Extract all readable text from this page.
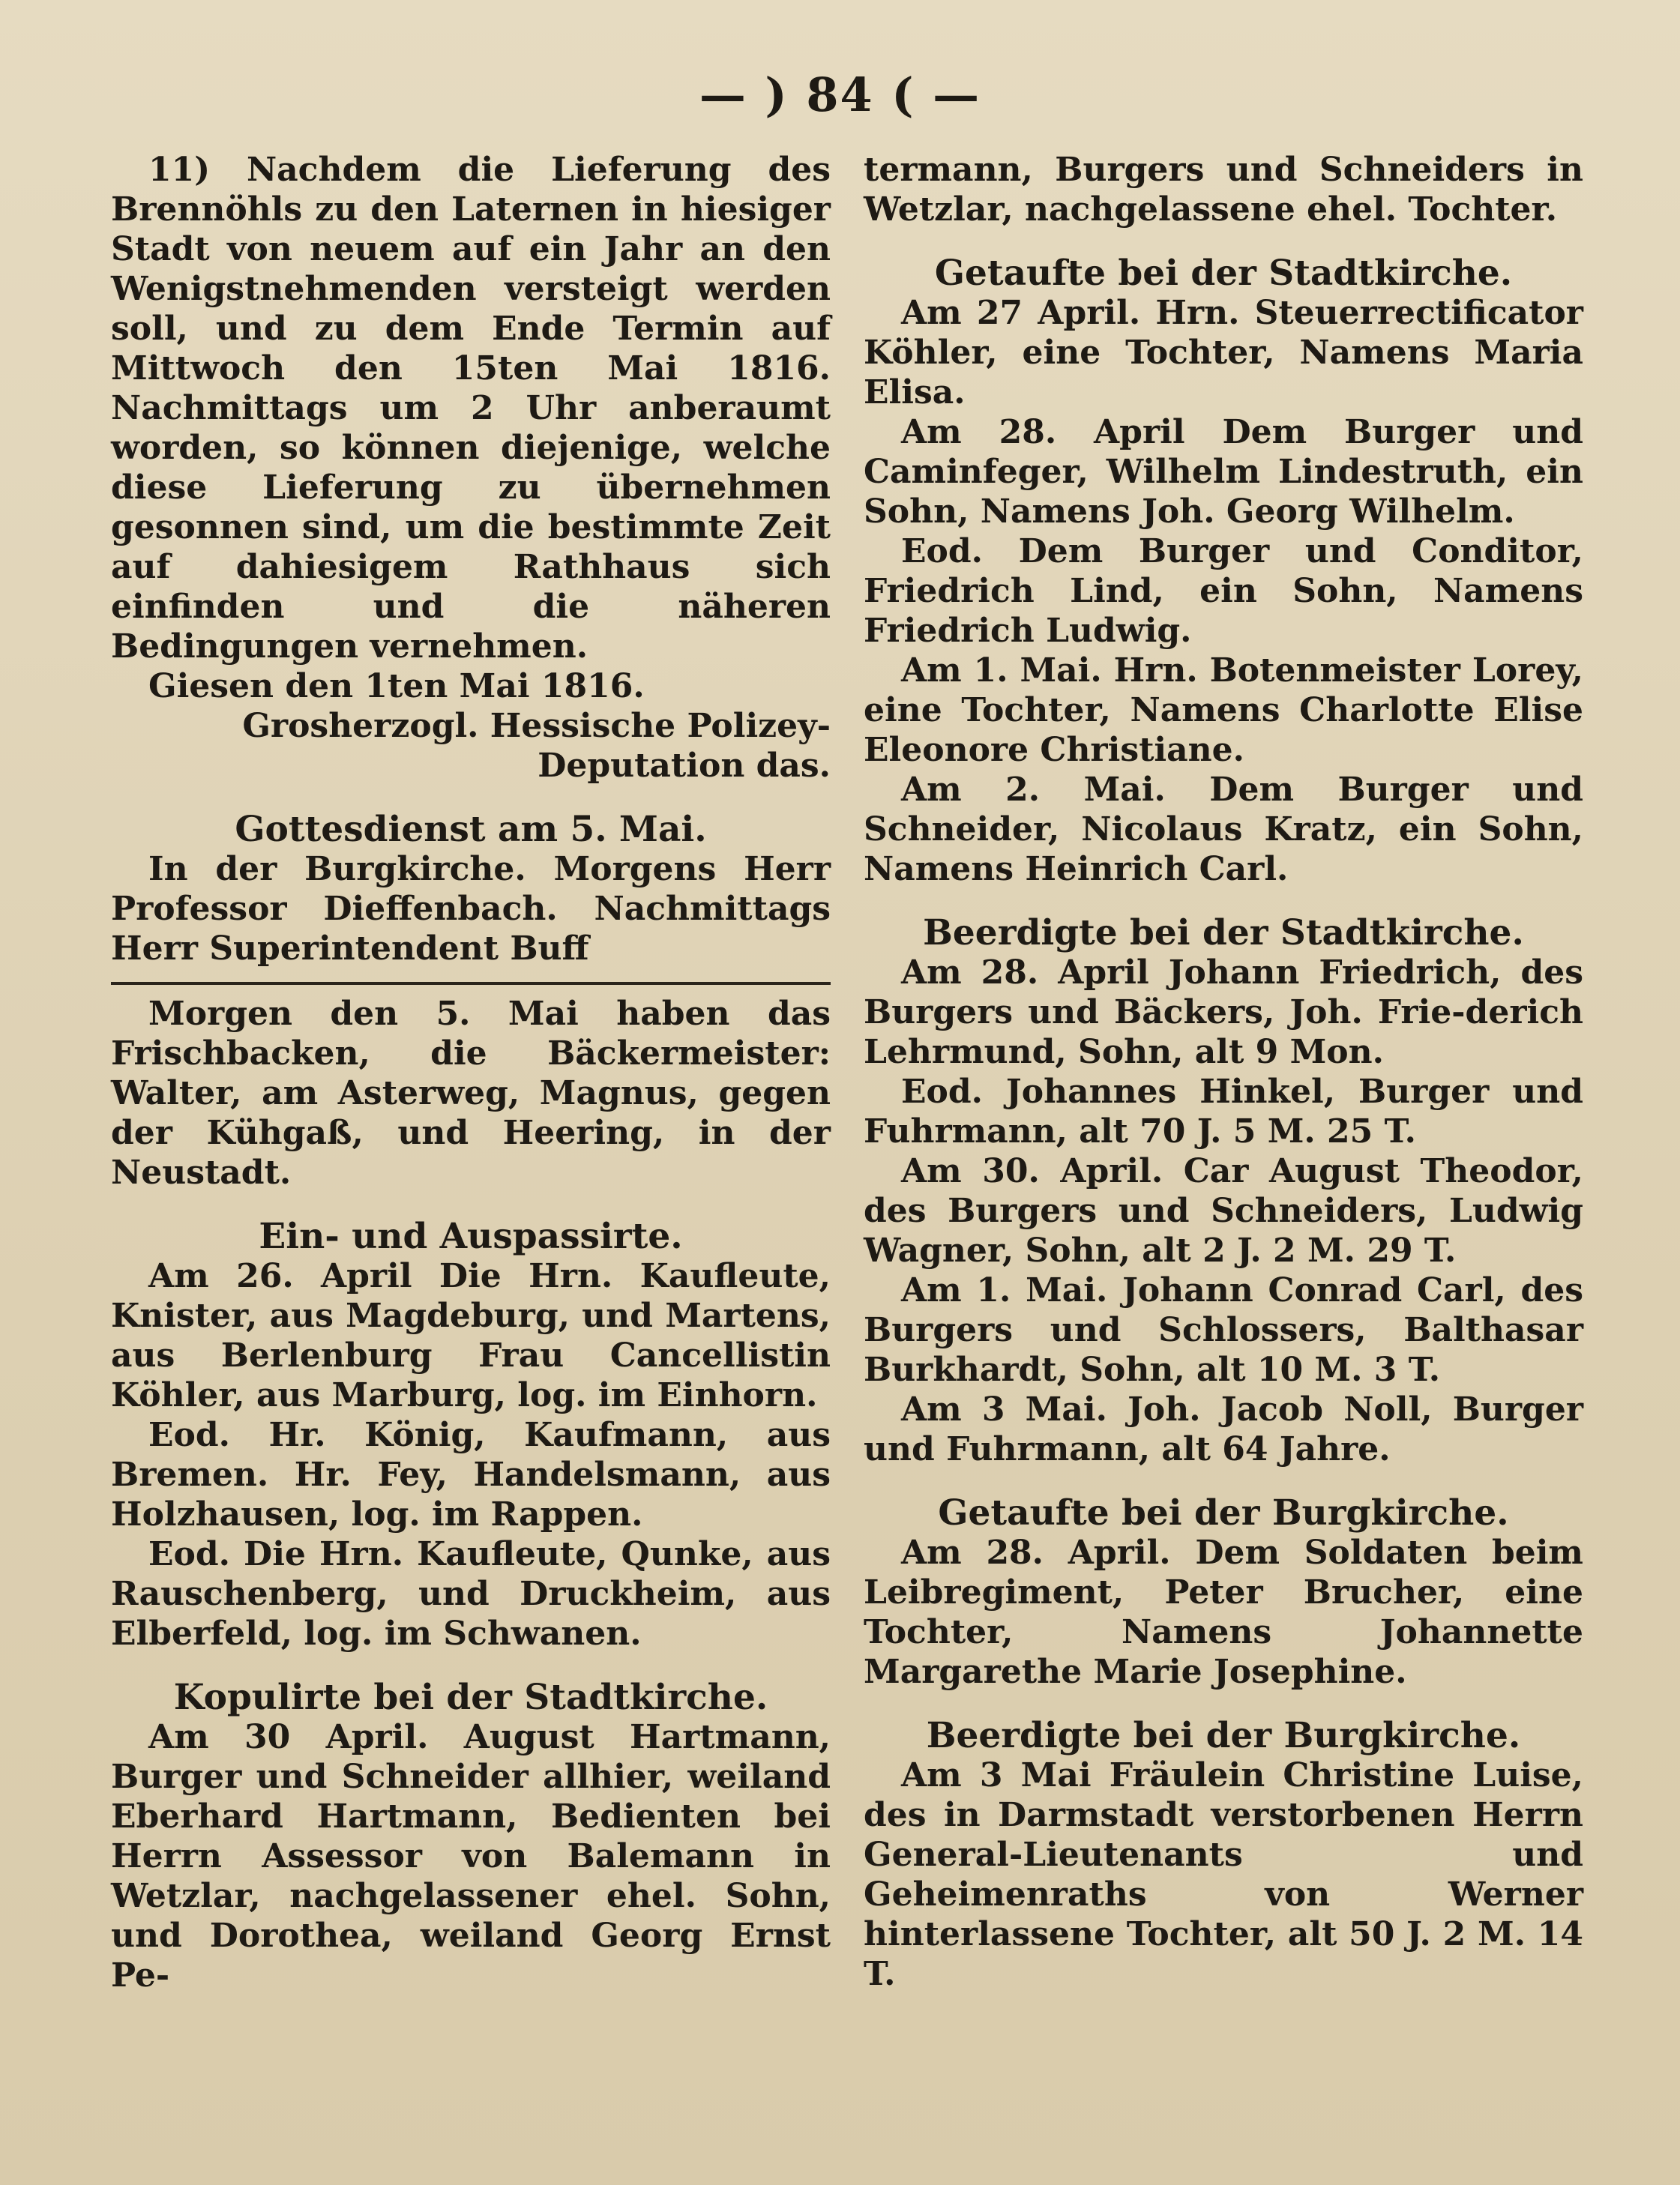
— ) 84 ( —

11) Nachdem die Lieferung des Brennöhls zu den Laternen in hiesiger Stadt von neuem auf ein Jahr an den Wenigstnehmenden versteigt werden soll, und zu dem Ende Termin auf Mittwoch den 15ten Mai 1816. Nachmittags um 2 Uhr anberaumt worden, so können diejenige, welche diese Lieferung zu übernehmen gesonnen sind, um die bestimmte Zeit auf dahiesigem Rathhaus sich einfinden und die näheren Bedingungen vernehmen.

Giesen den 1ten Mai 1816.

Grosherzogl. Hessische Polizey-Deputation das.

Gottesdienst am 5. Mai.

In der Burgkirche. Morgens Herr Professor Dieffenbach. Nachmittags Herr Superintendent Buff

Morgen den 5. Mai haben das Frischbacken, die Bäckermeister: Walter, am Asterweg, Magnus, gegen der Kühgaß, und Heering, in der Neustadt.

Ein- und Auspassirte.

Am 26. April Die Hrn. Kaufleute, Knister, aus Magdeburg, und Martens, aus Berlenburg Frau Cancellistin Köhler, aus Marburg, log. im Einhorn.

Eod. Hr. König, Kaufmann, aus Bremen. Hr. Fey, Handelsmann, aus Holzhausen, log. im Rappen.

Eod. Die Hrn. Kaufleute, Qunke, aus Rauschenberg, und Druckheim, aus Elberfeld, log. im Schwanen.

Kopulirte bei der Stadtkirche.

Am 30 April. August Hartmann, Burger und Schneider allhier, weiland Eberhard Hartmann, Bedienten bei Herrn Assessor von Balemann in Wetzlar, nachgelassener ehel. Sohn, und Dorothea, weiland Georg Ernst Pe-

termann, Burgers und Schneiders in Wetzlar, nachgelassene ehel. Tochter.

Getaufte bei der Stadtkirche.

Am 27 April. Hrn. Steuerrectificator Köhler, eine Tochter, Namens Maria Elisa.

Am 28. April Dem Burger und Caminfeger, Wilhelm Lindestruth, ein Sohn, Namens Joh. Georg Wilhelm.

Eod. Dem Burger und Conditor, Friedrich Lind, ein Sohn, Namens Friedrich Ludwig.

Am 1. Mai. Hrn. Botenmeister Lorey, eine Tochter, Namens Charlotte Elise Eleonore Christiane.

Am 2. Mai. Dem Burger und Schneider, Nicolaus Kratz, ein Sohn, Namens Heinrich Carl.

Beerdigte bei der Stadtkirche.

Am 28. April Johann Friedrich, des Burgers und Bäckers, Joh. Frie-derich Lehrmund, Sohn, alt 9 Mon.

Eod. Johannes Hinkel, Burger und Fuhrmann, alt 70 J. 5 M. 25 T.

Am 30. April. Car August Theodor, des Burgers und Schneiders, Ludwig Wagner, Sohn, alt 2 J. 2 M. 29 T.

Am 1. Mai. Johann Conrad Carl, des Burgers und Schlossers, Balthasar Burkhardt, Sohn, alt 10 M. 3 T.

Am 3 Mai. Joh. Jacob Noll, Burger und Fuhrmann, alt 64 Jahre.

Getaufte bei der Burgkirche.

Am 28. April. Dem Soldaten beim Leibregiment, Peter Brucher, eine Tochter, Namens Johannette Margarethe Marie Josephine.

Beerdigte bei der Burgkirche.

Am 3 Mai Fräulein Christine Luise, des in Darmstadt verstorbenen Herrn General-Lieutenants und Geheimenraths von Werner hinterlassene Tochter, alt 50 J. 2 M. 14 T.
